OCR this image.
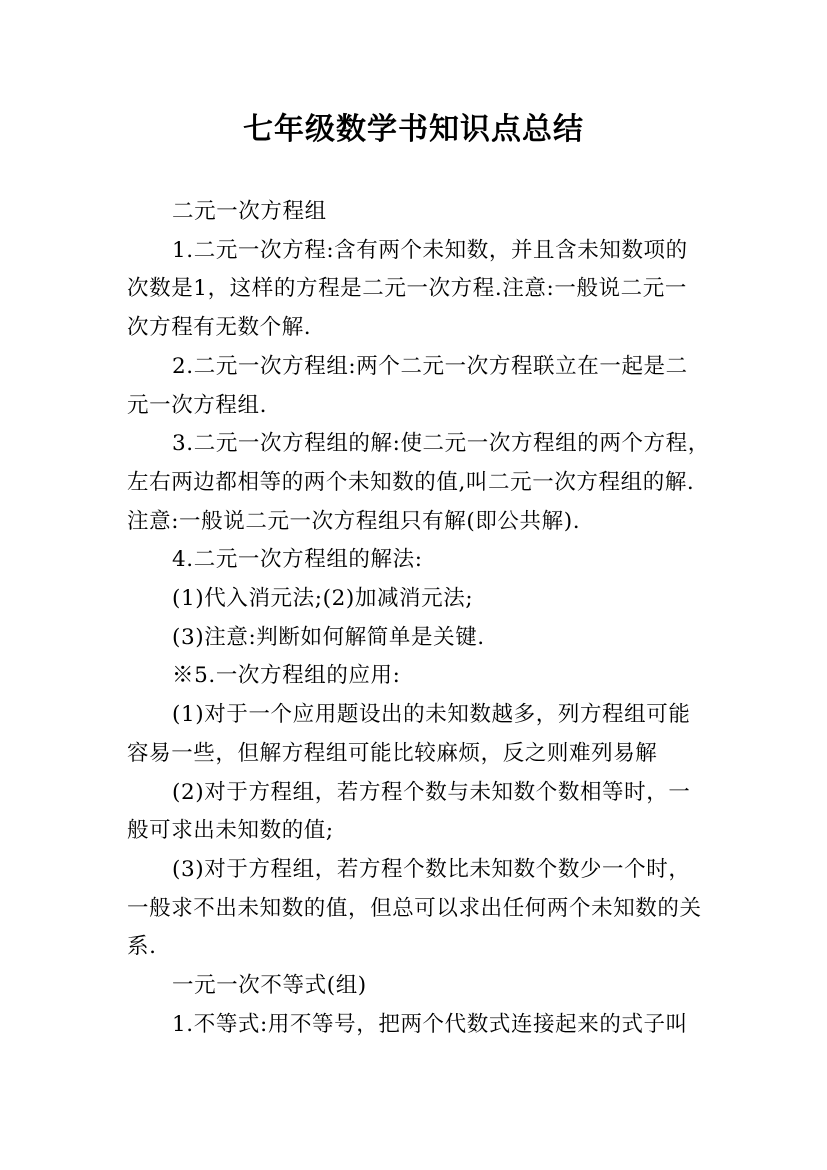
七年级数学书知识点总结
二元一次方程组
1.二元一次方程:含有两个未知数，并且含未知数项的
次数是1，这样的方程是二元一次方程.注意:一般说二元一
次方程有无数个解.
2.二元一次方程组:两个二元一次方程联立在一起是二
元一次方程组.
3.二元一次方程组的解:使二元一次方程组的两个方程，
左右两边都相等的两个未知数的值,叫二元一次方程组的解.
注意:一般说二元一次方程组只有解(即公共解).
4.二元一次方程组的解法:
(1)代入消元法;(2)加减消元法;
(3)注意:判断如何解简单是关键.
※5.一次方程组的应用:
(1)对于一个应用题设出的未知数越多，列方程组可能
容易一些，但解方程组可能比较麻烦，反之则难列易解
(2)对于方程组，若方程个数与未知数个数相等时，一
般可求出未知数的值;
(3)对于方程组，若方程个数比未知数个数少一个时，
一般求不出未知数的值，但总可以求出任何两个未知数的关
系.
一元一次不等式(组)
1.不等式:用不等号，把两个代数式连接起来的式子叫
